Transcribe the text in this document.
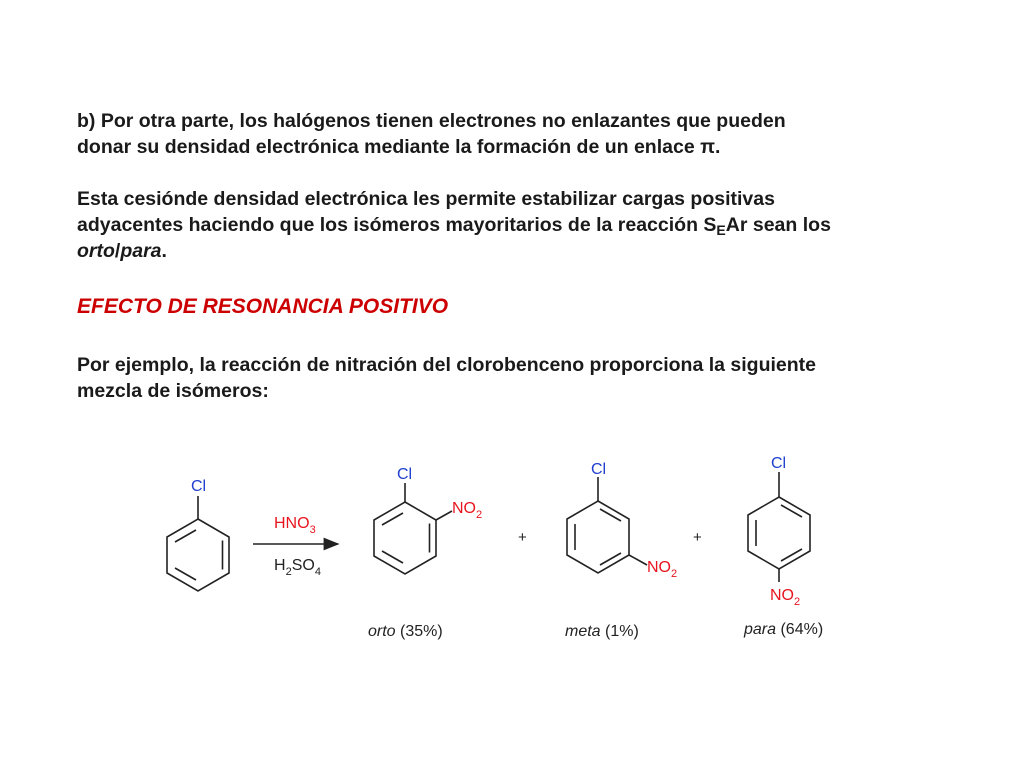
b) Por otra parte, los halógenos tienen electrones no enlazantes que pueden
donar su densidad electrónica mediante la formación de un enlace π.

Esta cesiónde densidad electrónica les permite estabilizar cargas positivas
adyacentes haciendo que los isómeros mayoritarios de la reacción $S_EAr$ sean los
orto/para.

EFECTO DE RESONANCIA POSITIVO

Por ejemplo, la reacción de nitración del clorobenceno proporciona la siguiente
mezcla de isómeros:

Cl
$HNO_3$
$H_2SO_4$
Cl
$NO_2$
+
Cl
$NO_2$
+
Cl
$NO_2$
orto (35%)	meta (1%)	para (64%)
